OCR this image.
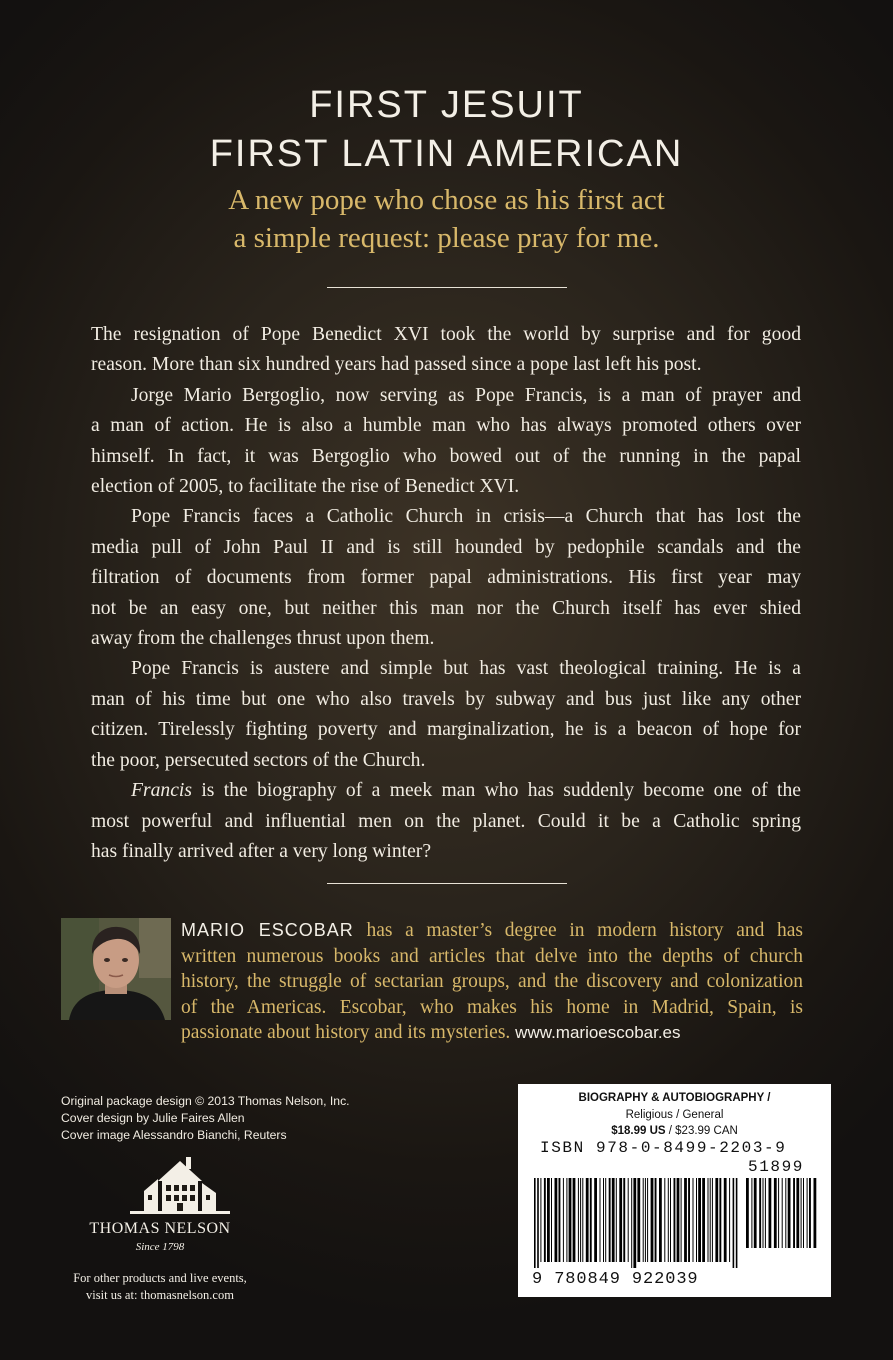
FIRST JESUIT
FIRST LATIN AMERICAN
A new pope who chose as his first act
a simple request: please pray for me.

The resignation of Pope Benedict XVI took the world by surprise and for good
reason. More than six hundred years had passed since a pope last left his post.

Jorge Mario Bergoglio, now serving as Pope Francis, is a man of prayer and
a man of action. He is also a humble man who has always promoted others over
himself. In fact, it was Bergoglio who bowed out of the running in the papal
election of 2005, to facilitate the rise of Benedict XVI.

Pope Francis faces a Catholic Church in crisis—a Church that has lost the
media pull of John Paul II and is still hounded by pedophile scandals and the
filtration of documents from former papal administrations. His first year may
not be an easy one, but neither this man nor the Church itself has ever shied
away from the challenges thrust upon them.

Pope Francis is austere and simple but has vast theological training. He is a
man of his time but one who also travels by subway and bus just like any other
citizen. Tirelessly fighting poverty and marginalization, he is a beacon of hope for
the poor, persecuted sectors of the Church.

Francis is the biography of a meek man who has suddenly become one of the
most powerful and influential men on the planet. Could it be a Catholic spring
has finally arrived after a very long winter?

MARIO ESCOBAR has a master’s degree in modern history and has
written numerous books and articles that delve into the depths of church
history, the struggle of sectarian groups, and the discovery and colonization
of the Americas. Escobar, who makes his home in Madrid, Spain, is
passionate about history and its mysteries. www.marioescobar.es
Original package design © 2013 Thomas Nelson, Inc.
Cover design by Julie Faires Allen
Cover image Alessandro Bianchi, Reuters
THOMAS NELSON
Since 1798
For other products and live events,
visit us at: thomasnelson.com
BIOGRAPHY & AUTOBIOGRAPHY /
Religious / General
$18.99 US / $23.99 CAN
ISBN 978-0-8499-2203-9
51899
9 780849 922039
